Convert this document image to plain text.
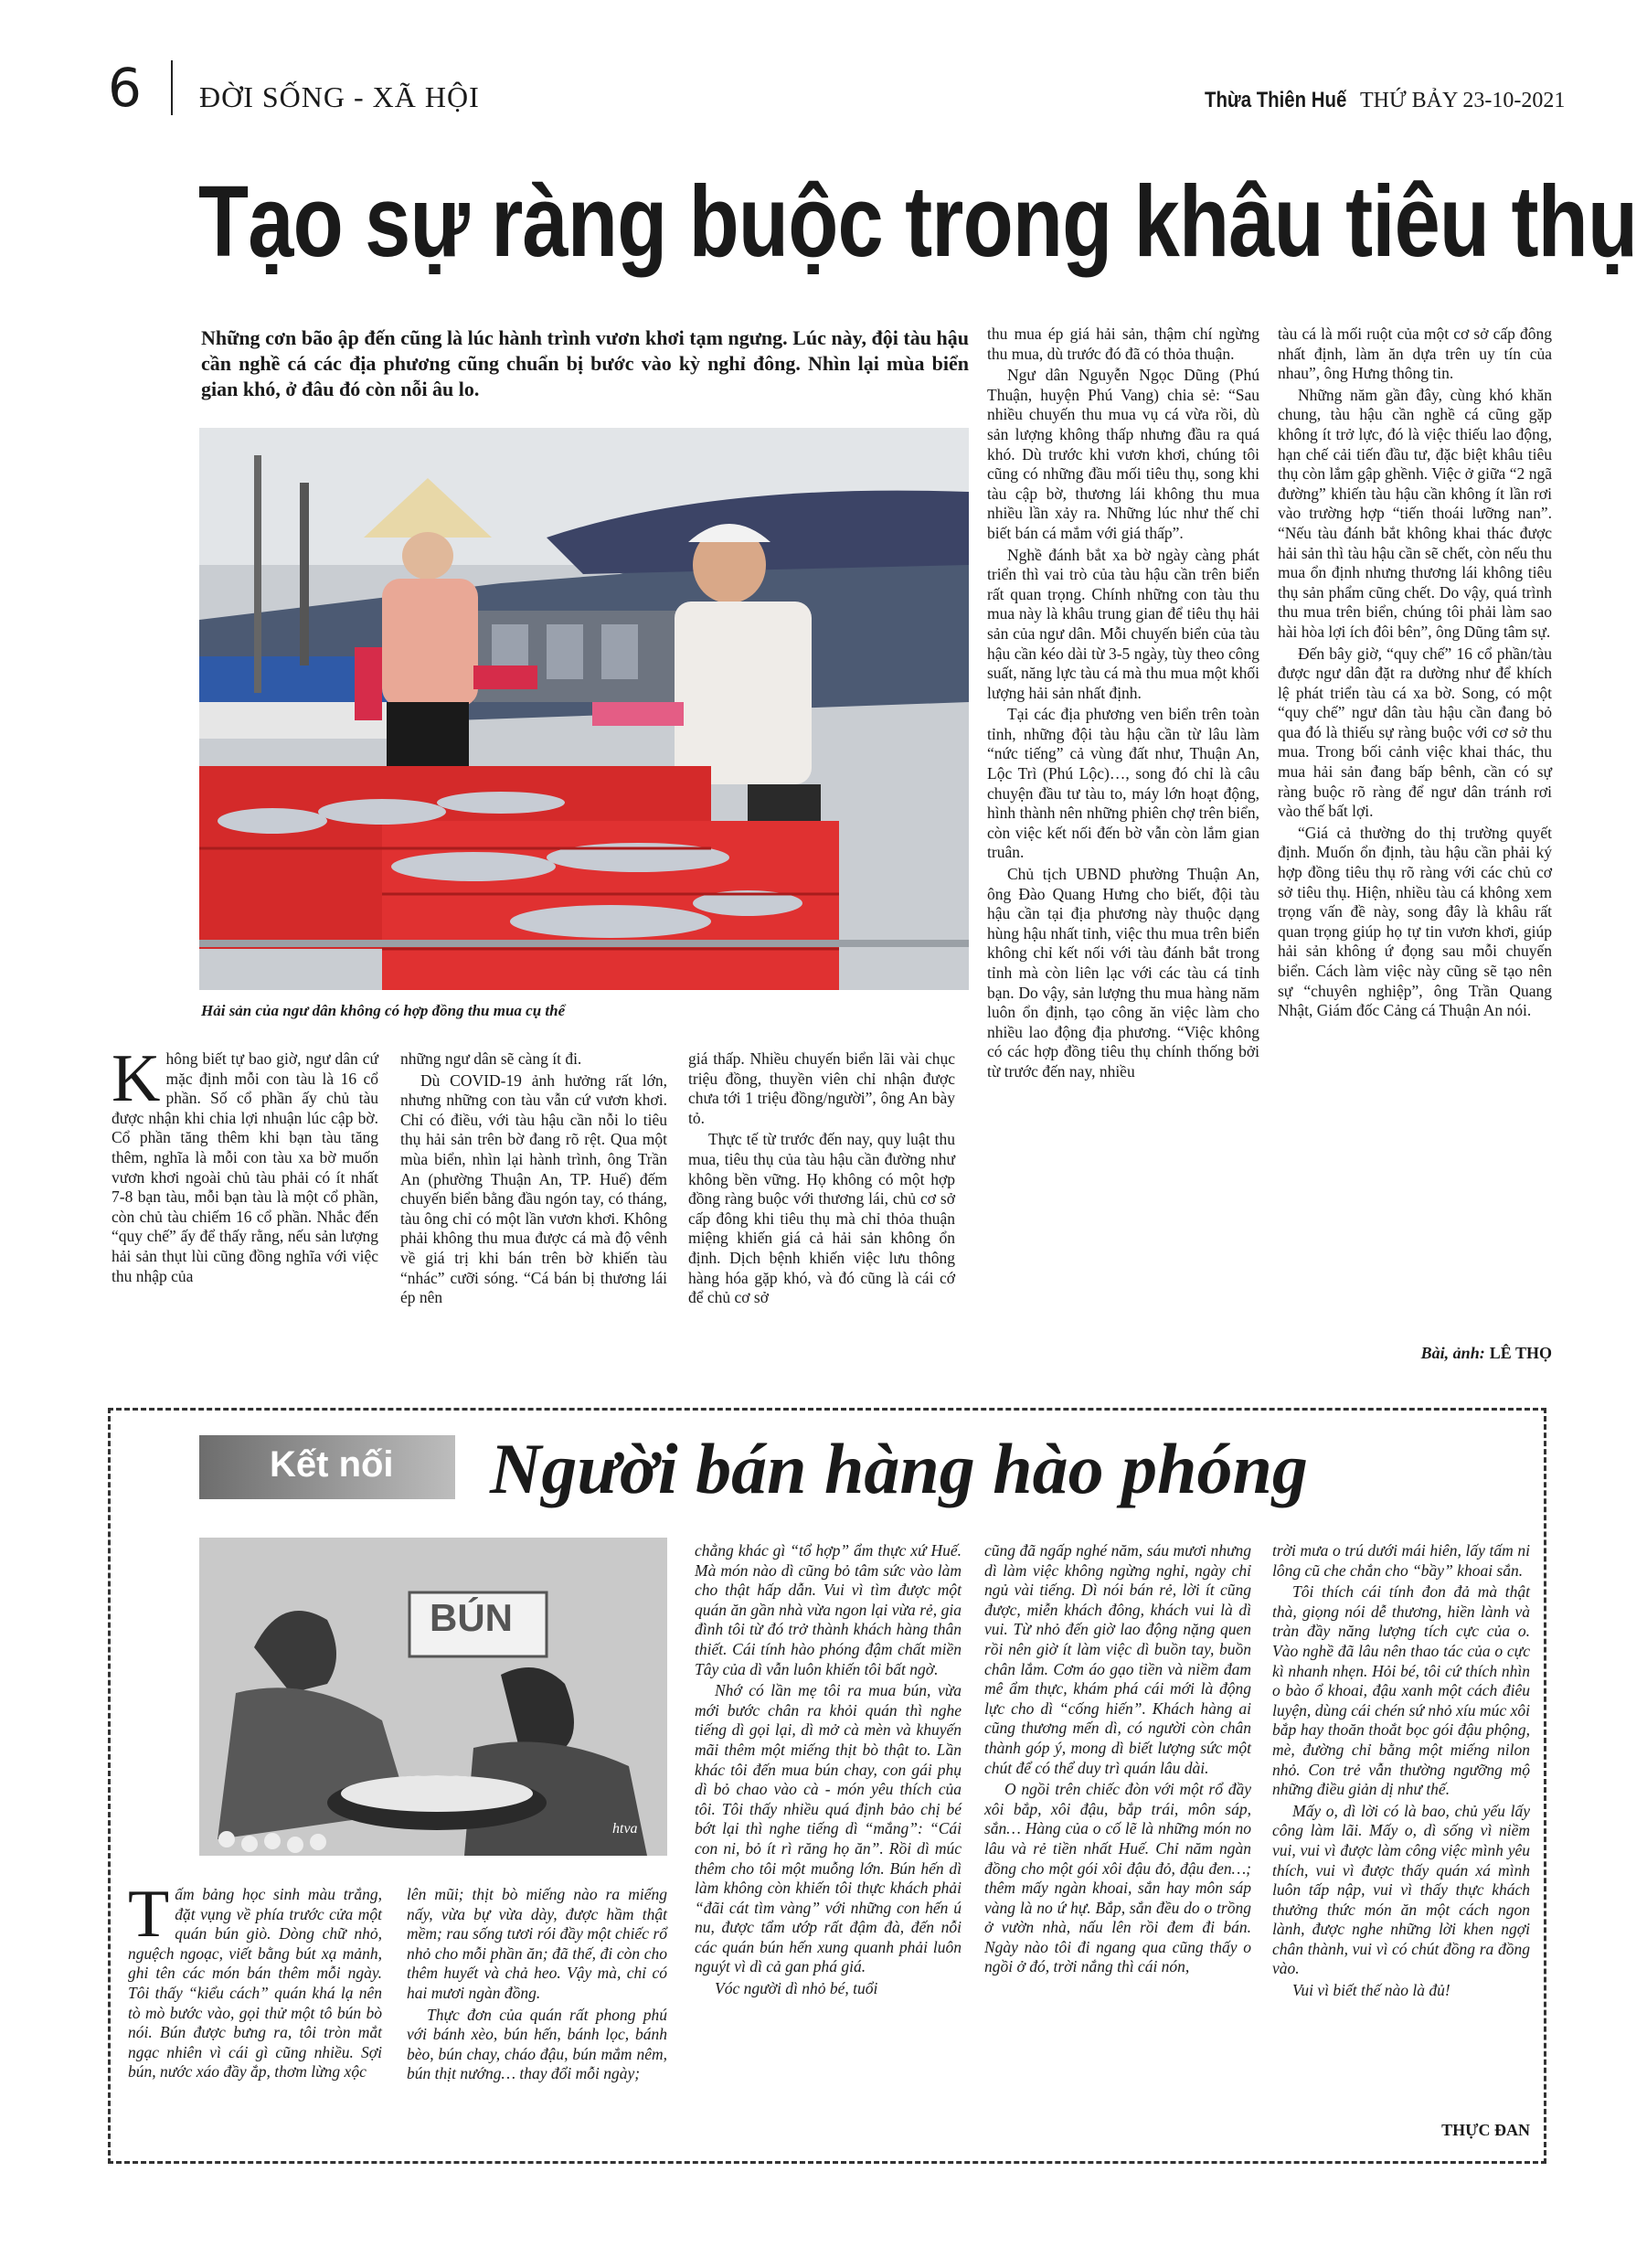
6 ĐỜI SỐNG - XÃ HỘI	Thừa Thiên Huế THỨ BẢY 23-10-2021
Tạo sự ràng buộc trong khâu tiêu thụ
Những cơn bão ập đến cũng là lúc hành trình vươn khơi tạm ngưng. Lúc này, đội tàu hậu cần nghề cá các địa phương cũng chuẩn bị bước vào kỳ nghỉ đông. Nhìn lại mùa biển gian khó, ở đâu đó còn nỗi âu lo.
Hải sản của ngư dân không có hợp đồng thu mua cụ thể
K hông biết tự bao giờ, ngư dân cứ mặc định mỗi con tàu là 16 cổ phần. Số cổ phần ấy chủ tàu được nhận khi chia lợi nhuận lúc cập bờ. Cổ phần tăng thêm khi bạn tàu tăng thêm, nghĩa là mỗi con tàu xa bờ muốn vươn khơi ngoài chủ tàu phải có ít nhất 7-8 bạn tàu, mỗi bạn tàu là một cổ phần, còn chủ tàu chiếm 16 cổ phần. Nhắc đến “quy chế” ấy để thấy rằng, nếu sản lượng hải sản thụt lùi cũng đồng nghĩa với việc thu nhập của

những ngư dân sẽ càng ít đi.

Dù COVID-19 ảnh hưởng rất lớn, nhưng những con tàu vẫn cứ vươn khơi. Chỉ có điều, với tàu hậu cần nỗi lo tiêu thụ hải sản trên bờ đang rõ rệt. Qua một mùa biển, nhìn lại hành trình, ông Trần An (phường Thuận An, TP. Huế) đếm chuyến biển bằng đầu ngón tay, có tháng, tàu ông chỉ có một lần vươn khơi. Không phải không thu mua được cá mà độ vênh về giá trị khi bán trên bờ khiến tàu “nhác” cưỡi sóng. “Cá bán bị thương lái ép nên

giá thấp. Nhiều chuyến biển lãi vài chục triệu đồng, thuyền viên chỉ nhận được chưa tới 1 triệu đồng/người”, ông An bày tỏ.

Thực tế từ trước đến nay, quy luật thu mua, tiêu thụ của tàu hậu cần đường như không bền vững. Họ không có một hợp đồng ràng buộc với thương lái, chủ cơ sở cấp đông khi tiêu thụ mà chỉ thỏa thuận miệng khiến giá cả hải sản không ổn định. Dịch bệnh khiến việc lưu thông hàng hóa gặp khó, và đó cũng là cái cớ để chủ cơ sở

thu mua ép giá hải sản, thậm chí ngừng thu mua, dù trước đó đã có thỏa thuận.

Ngư dân Nguyễn Ngọc Dũng (Phú Thuận, huyện Phú Vang) chia sẻ: “Sau nhiều chuyến thu mua vụ cá vừa rồi, dù sản lượng không thấp nhưng đầu ra quá khó. Dù trước khi vươn khơi, chúng tôi cũng có những đầu mối tiêu thụ, song khi tàu cập bờ, thương lái không thu mua nhiều lần xảy ra. Những lúc như thế chỉ biết bán cá mắm với giá thấp”.

Nghề đánh bắt xa bờ ngày càng phát triển thì vai trò của tàu hậu cần trên biển rất quan trọng. Chính những con tàu thu mua này là khâu trung gian để tiêu thụ hải sản của ngư dân. Mỗi chuyến biển của tàu hậu cần kéo dài từ 3-5 ngày, tùy theo công suất, năng lực tàu cá mà thu mua một khối lượng hải sản nhất định.

Tại các địa phương ven biển trên toàn tỉnh, những đội tàu hậu cần từ lâu làm “nức tiếng” cả vùng đất như, Thuận An, Lộc Trì (Phú Lộc)…, song đó chỉ là câu chuyện đầu tư tàu to, máy lớn hoạt động, hình thành nên những phiên chợ trên biển, còn việc kết nối đến bờ vẫn còn lắm gian truân.

Chủ tịch UBND phường Thuận An, ông Đào Quang Hưng cho biết, đội tàu hậu cần tại địa phương này thuộc dạng hùng hậu nhất tỉnh, việc thu mua trên biển không chỉ kết nối với tàu đánh bắt trong tỉnh mà còn liên lạc với các tàu cá tỉnh bạn. Do vậy, sản lượng thu mua hàng năm luôn ổn định, tạo công ăn việc làm cho nhiều lao động địa phương. “Việc không có các hợp đồng tiêu thụ chính thống bởi từ trước đến nay, nhiều

tàu cá là mối ruột của một cơ sở cấp đông nhất định, làm ăn dựa trên uy tín của nhau”, ông Hưng thông tin.

Những năm gần đây, cùng khó khăn chung, tàu hậu cần nghề cá cũng gặp không ít trở lực, đó là việc thiếu lao động, hạn chế cải tiến đầu tư, đặc biệt khâu tiêu thụ còn lắm gập ghềnh. Việc ở giữa “2 ngã đường” khiến tàu hậu cần không ít lần rơi vào trường hợp “tiến thoái lưỡng nan”. “Nếu tàu đánh bắt không khai thác được hải sản thì tàu hậu cần sẽ chết, còn nếu thu mua ổn định nhưng thương lái không tiêu thụ sản phẩm cũng chết. Do vậy, quá trình thu mua trên biển, chúng tôi phải làm sao hài hòa lợi ích đôi bên”, ông Dũng tâm sự.

Đến bây giờ, “quy chế” 16 cổ phần/tàu được ngư dân đặt ra dường như để khích lệ phát triển tàu cá xa bờ. Song, có một “quy chế” ngư dân tàu hậu cần đang bỏ qua đó là thiếu sự ràng buộc với cơ sở thu mua. Trong bối cảnh việc khai thác, thu mua hải sản đang bấp bênh, cần có sự ràng buộc rõ ràng để ngư dân tránh rơi vào thế bất lợi.

“Giá cả thường do thị trường quyết định. Muốn ổn định, tàu hậu cần phải ký hợp đồng tiêu thụ rõ ràng với các chủ cơ sở tiêu thụ. Hiện, nhiều tàu cá không xem trọng vấn đề này, song đây là khâu rất quan trọng giúp họ tự tin vươn khơi, giúp hải sản không ứ đọng sau mỗi chuyến biển. Cách làm việc này cũng sẽ tạo nên sự “chuyên nghiệp”, ông Trần Quang Nhật, Giám đốc Cảng cá Thuận An nói.

Bài, ảnh: LÊ THỌ
Kết nối Người bán hàng hào phóng
BÚN
htva
T ấm bảng học sinh màu trắng, đặt vụng về phía trước cửa một quán bún giò. Dòng chữ nhỏ, nguệch ngoạc, viết bằng bút xạ mảnh, ghi tên các món bán thêm mỗi ngày. Tôi thấy “kiểu cách” quán khá lạ nên tò mò bước vào, gọi thử một tô bún bò nói. Bún được bưng ra, tôi tròn mắt ngạc nhiên vì cái gì cũng nhiều. Sợi bún, nước xáo đầy ắp, thơm lừng xộc

lên mũi; thịt bò miếng nào ra miếng nấy, vừa bự vừa dày, được hầm thật mềm; rau sống tươi rói đầy một chiếc rổ nhỏ cho mỗi phần ăn; đã thế, đi còn cho thêm huyết và chả heo. Vậy mà, chỉ có hai mươi ngàn đồng.

Thực đơn của quán rất phong phú với bánh xèo, bún hến, bánh lọc, bánh bèo, bún chay, cháo đậu, bún mắm nêm, bún thịt nướng… thay đổi mỗi ngày;

chẳng khác gì “tổ hợp” ẩm thực xứ Huế. Mà món nào dì cũng bỏ tâm sức vào làm cho thật hấp dẫn. Vui vì tìm được một quán ăn gần nhà vừa ngon lại vừa rẻ, gia đình tôi từ đó trở thành khách hàng thân thiết. Cái tính hào phóng đậm chất miền Tây của dì vẫn luôn khiến tôi bất ngờ.

Nhớ có lần mẹ tôi ra mua bún, vừa mới bước chân ra khỏi quán thì nghe tiếng dì gọi lại, dì mở cà mèn và khuyến mãi thêm một miếng thịt bò thật to. Lần khác tôi đến mua bún chay, con gái phụ dì bỏ chao vào cà - món yêu thích của tôi. Tôi thấy nhiều quá định bảo chị bé bớt lại thì nghe tiếng dì “mắng”: “Cái con ni, bỏ ít rì răng họ ăn”. Rồi dì múc thêm cho tôi một muỗng lớn. Bún hến dì làm không còn khiến tôi thực khách phải “đãi cát tìm vàng” với những con hến ú nu, được tẩm ướp rất đậm đà, đến nỗi các quán bún hến xung quanh phải luôn nguýt vì dì cả gan phá giá.

Vóc người dì nhỏ bé, tuổi

cũng đã ngấp nghé năm, sáu mươi nhưng dì làm việc không ngừng nghỉ, ngày chỉ ngủ vài tiếng. Dì nói bán rẻ, lời ít cũng được, miễn khách đông, khách vui là dì vui. Từ nhỏ đến giờ lao động nặng quen rồi nên giờ ít làm việc dì buồn tay, buồn chân lắm. Cơm áo gạo tiền và niềm đam mê ẩm thực, khám phá cái mới là động lực cho dì “cống hiến”. Khách hàng ai cũng thương mến dì, có người còn chân thành góp ý, mong dì biết lượng sức một chút để có thể duy trì quán lâu dài.

O ngồi trên chiếc đòn với một rổ đầy xôi bắp, xôi đậu, bắp trái, môn sáp, sắn… Hàng của o cố lẽ là những món no lâu và rẻ tiền nhất Huế. Chỉ năm ngàn đồng cho một gói xôi đậu đỏ, đậu đen…; thêm mấy ngàn khoai, sắn hay môn sáp vàng là no ứ hự. Bắp, sắn đều do o trồng ở vườn nhà, nấu lên rồi đem đi bán. Ngày nào tôi đi ngang qua cũng thấy o ngồi ở đó, trời nắng thì cái nón,

trời mưa o trú dưới mái hiên, lấy tấm ni lông cũ che chắn cho “bầy” khoai sắn.

Tôi thích cái tính đon đả mà thật thà, giọng nói dễ thương, hiền lành và tràn đầy năng lượng tích cực của o. Vào nghề đã lâu nên thao tác của o cực kì nhanh nhẹn. Hỏi bé, tôi cứ thích nhìn o bào ổ khoai, đậu xanh một cách điêu luyện, dùng cái chén sứ nhỏ xíu múc xôi bắp hay thoăn thoắt bọc gói đậu phộng, mè, đường chỉ bằng một miếng nilon nhỏ. Con trẻ vẫn thường ngưỡng mộ những điều giản dị như thế.

Mấy o, dì lời có là bao, chủ yếu lấy công làm lãi. Mấy o, dì sống vì niềm vui, vui vì được làm công việc mình yêu thích, vui vì được thấy quán xá mình luôn tấp nập, vui vì thấy thực khách thưởng thức món ăn một cách ngon lành, được nghe những lời khen ngợi chân thành, vui vì có chút đồng ra đồng vào.

Vui vì biết thế nào là đủ!

THỰC ĐAN
